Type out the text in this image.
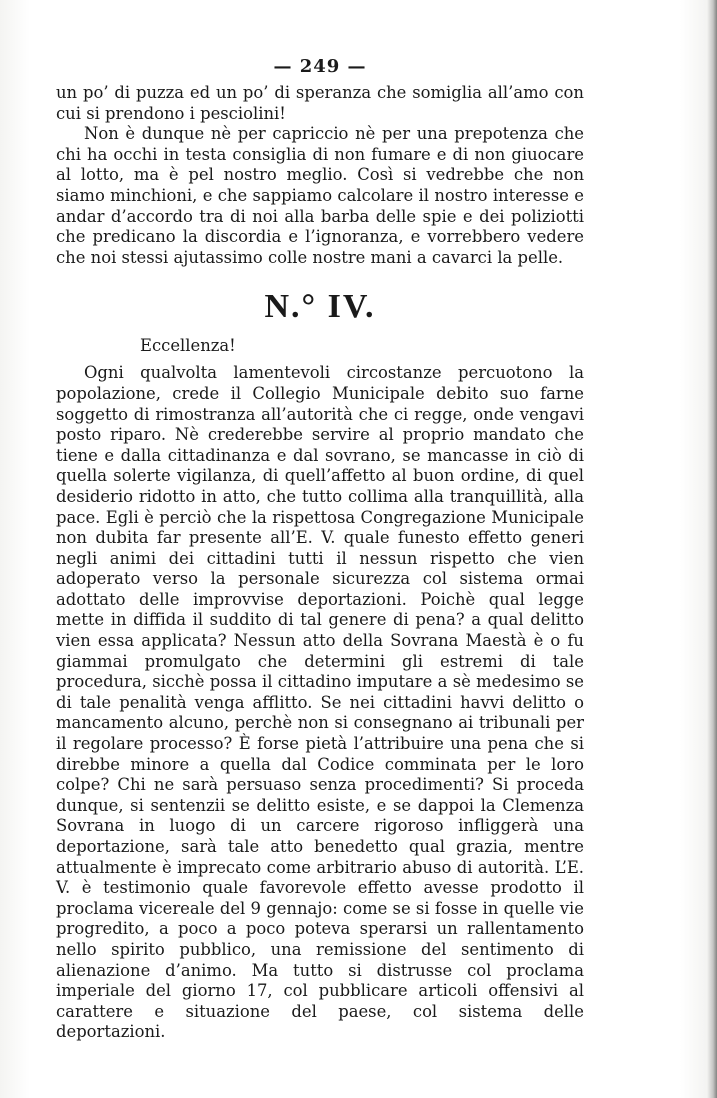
— 249 —

un po’ di puzza ed un po’ di speranza che somiglia all’amo con cui si prendono i pesciolini!

Non è dunque nè per capriccio nè per una prepotenza che chi ha occhi in testa consiglia di non fumare e di non giuocare al lotto, ma è pel nostro meglio. Così si vedrebbe che non siamo minchioni, e che sappiamo calcolare il nostro interesse e andar d’accordo tra di noi alla barba delle spie e dei poliziotti che predicano la discordia e l’ignoranza, e vorrebbero vedere che noi stessi ajutassimo colle nostre mani a cavarci la pelle.

N.° IV.
Eccellenza!

Ogni qualvolta lamentevoli circostanze percuotono la popolazione, crede il Collegio Municipale debito suo farne soggetto di rimostranza all’autorità che ci regge, onde vengavi posto riparo. Nè crederebbe servire al proprio mandato che tiene e dalla cittadinanza e dal sovrano, se mancasse in ciò di quella solerte vigilanza, di quell’affetto al buon ordine, di quel desiderio ridotto in atto, che tutto collima alla tranquillità, alla pace. Egli è perciò che la rispettosa Congregazione Municipale non dubita far presente all’E. V. quale funesto effetto generi negli animi dei cittadini tutti il nessun rispetto che vien adoperato verso la personale sicurezza col sistema ormai adottato delle improvvise deportazioni. Poichè qual legge mette in diffida il suddito di tal genere di pena? a qual delitto vien essa applicata? Nessun atto della Sovrana Maestà è o fu giammai promulgato che determini gli estremi di tale procedura, sicchè possa il cittadino imputare a sè medesimo se di tale penalità venga afflitto. Se nei cittadini havvi delitto o mancamento alcuno, perchè non si consegnano ai tribunali per il regolare processo? È forse pietà l’attribuire una pena che si direbbe minore a quella dal Codice comminata per le loro colpe? Chi ne sarà persuaso senza procedimenti? Si proceda dunque, si sentenzii se delitto esiste, e se dappoi la Clemenza Sovrana in luogo di un carcere rigoroso infliggerà una deportazione, sarà tale atto benedetto qual grazia, mentre attualmente è imprecato come arbitrario abuso di autorità. L’E. V. è testimonio quale favorevole effetto avesse prodotto il proclama vicereale del 9 gennajo: come se si fosse in quelle vie progredito, a poco a poco poteva sperarsi un rallentamento nello spirito pubblico, una remissione del sentimento di alienazione d’animo. Ma tutto si distrusse col proclama imperiale del giorno 17, col pubblicare articoli offensivi al carattere e situazione del paese, col sistema delle deportazioni.
